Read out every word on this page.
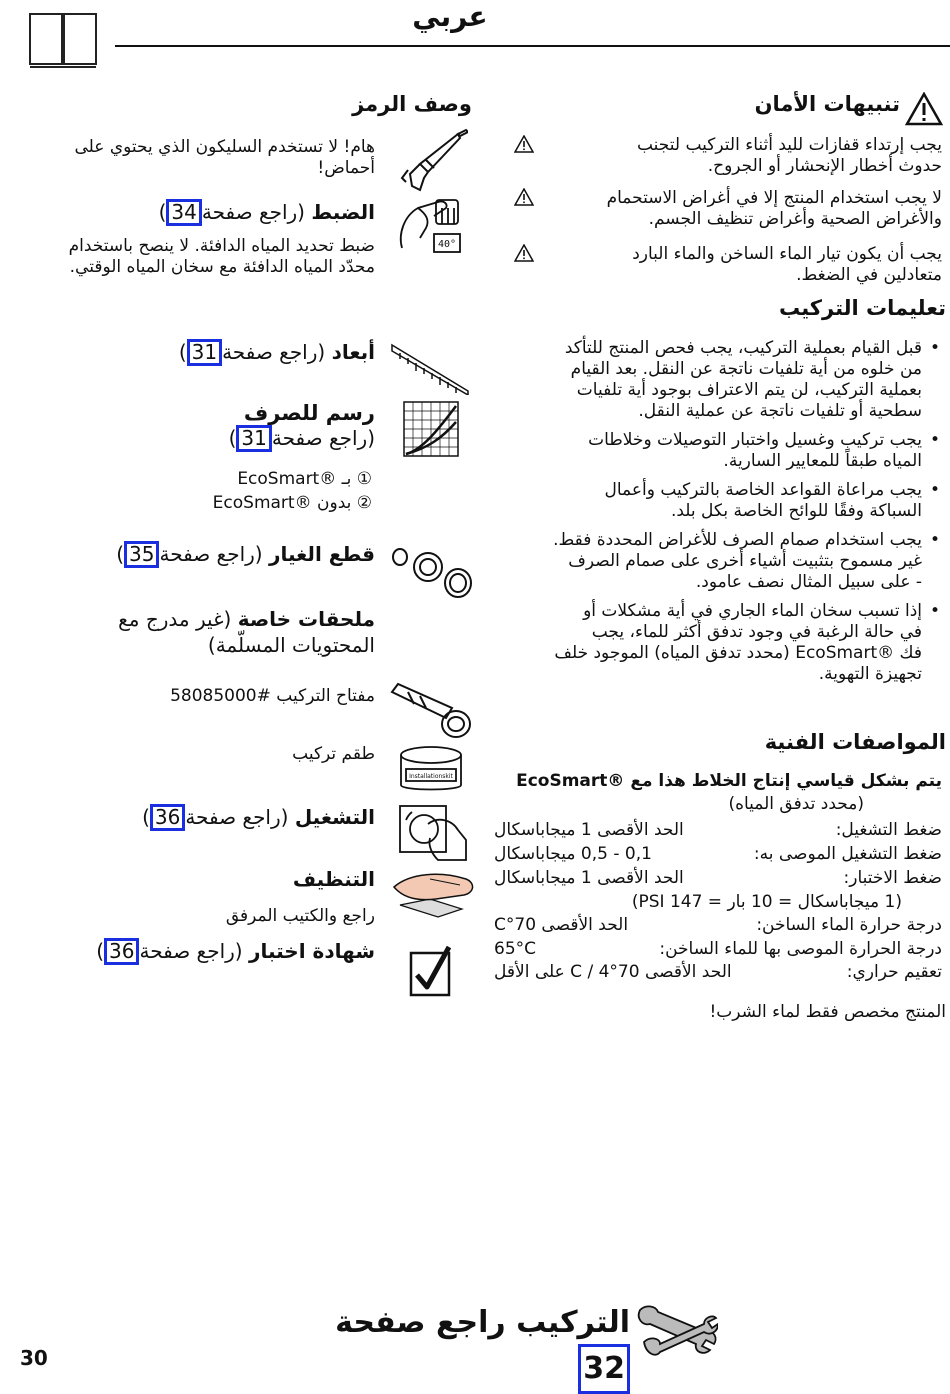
عربي
تنبيهات الأمان
يجب إرتداء قفازات لليد أثناء التركيب لتجنب
حدوث أخطار الإنحشار أو الجروح.
لا يجب استخدام المنتج إلا في أغراض الاستحمام
والأغراض الصحية وأغراض تنظيف الجسم.
يجب أن يكون تيار الماء الساخن والماء البارد
متعادلين في الضغط.
تعليمات التركيب
• قبل القيام بعملية التركيب، يجب فحص المنتج للتأكد
من خلوه من أية تلفيات ناتجة عن النقل. بعد القيام
بعملية التركيب، لن يتم الاعتراف بوجود أية تلفيات
سطحية أو تلفيات ناتجة عن عملية النقل.
• يجب تركيب وغسيل واختبار التوصيلات وخلاطات
المياه طبقاً للمعايير السارية.
• يجب مراعاة القواعد الخاصة بالتركيب وأعمال
السباكة وفقًا للوائح الخاصة بكل بلد.
• يجب استخدام صمام الصرف للأغراض المحددة فقط.
غير مسموح بتثبيت أشياء أخرى على صمام الصرف
- على سبيل المثال نصف عامود.
• إذا تسبب سخان الماء الجاري في أية مشكلات أو
في حالة الرغبة في وجود تدفق أكثر للماء، يجب
فك ®EcoSmart (محدد تدفق المياه) الموجود خلف
تجهيزة التهوية.
المواصفات الفنية
يتم بشكل قياسي إنتاج الخلاط هذا مع ®EcoSmart
(محدد تدفق المياه)
ضغط التشغيل:
الحد الأقصى 1 ميجاباسكال
ضغط التشغيل الموصى به:
0,1 - 0,5 ميجاباسكال
ضغط الاختبار:
الحد الأقصى 1 ميجاباسكال
(1 ميجاباسكال = 10 بار = 147 PSI)
درجة حرارة الماء الساخن:
الحد الأقصى 70°C
درجة الحرارة الموصى بها للماء الساخن:
65°C
تعقيم حراري:
الحد الأقصى 70°C / 4 على الأقل
المنتج مخصص فقط لماء الشرب!
وصف الرمز
هام! لا تستخدم السليكون الذي يحتوي على
أحماض!
40°
الضبط (راجع صفحة34)
ضبط تحديد المياه الدافئة. لا ينصح باستخدام
محدّد المياه الدافئة مع سخان المياه الوقتي.
أبعاد (راجع صفحة31)
رسم للصرف
(راجع صفحة31)
① بـ ®EcoSmart
② بدون ®EcoSmart
قطع الغيار (راجع صفحة35)
ملحقات خاصة (غير مدرج مع
المحتويات المسلّمة)
مفتاح التركيب #58085000
Installationskit
طقم تركيب
التشغيل (راجع صفحة36)
التنظيف
راجع والكتيب المرفق
شهادة اختبار (راجع صفحة36)
التركيب راجع صفحة 32
30
